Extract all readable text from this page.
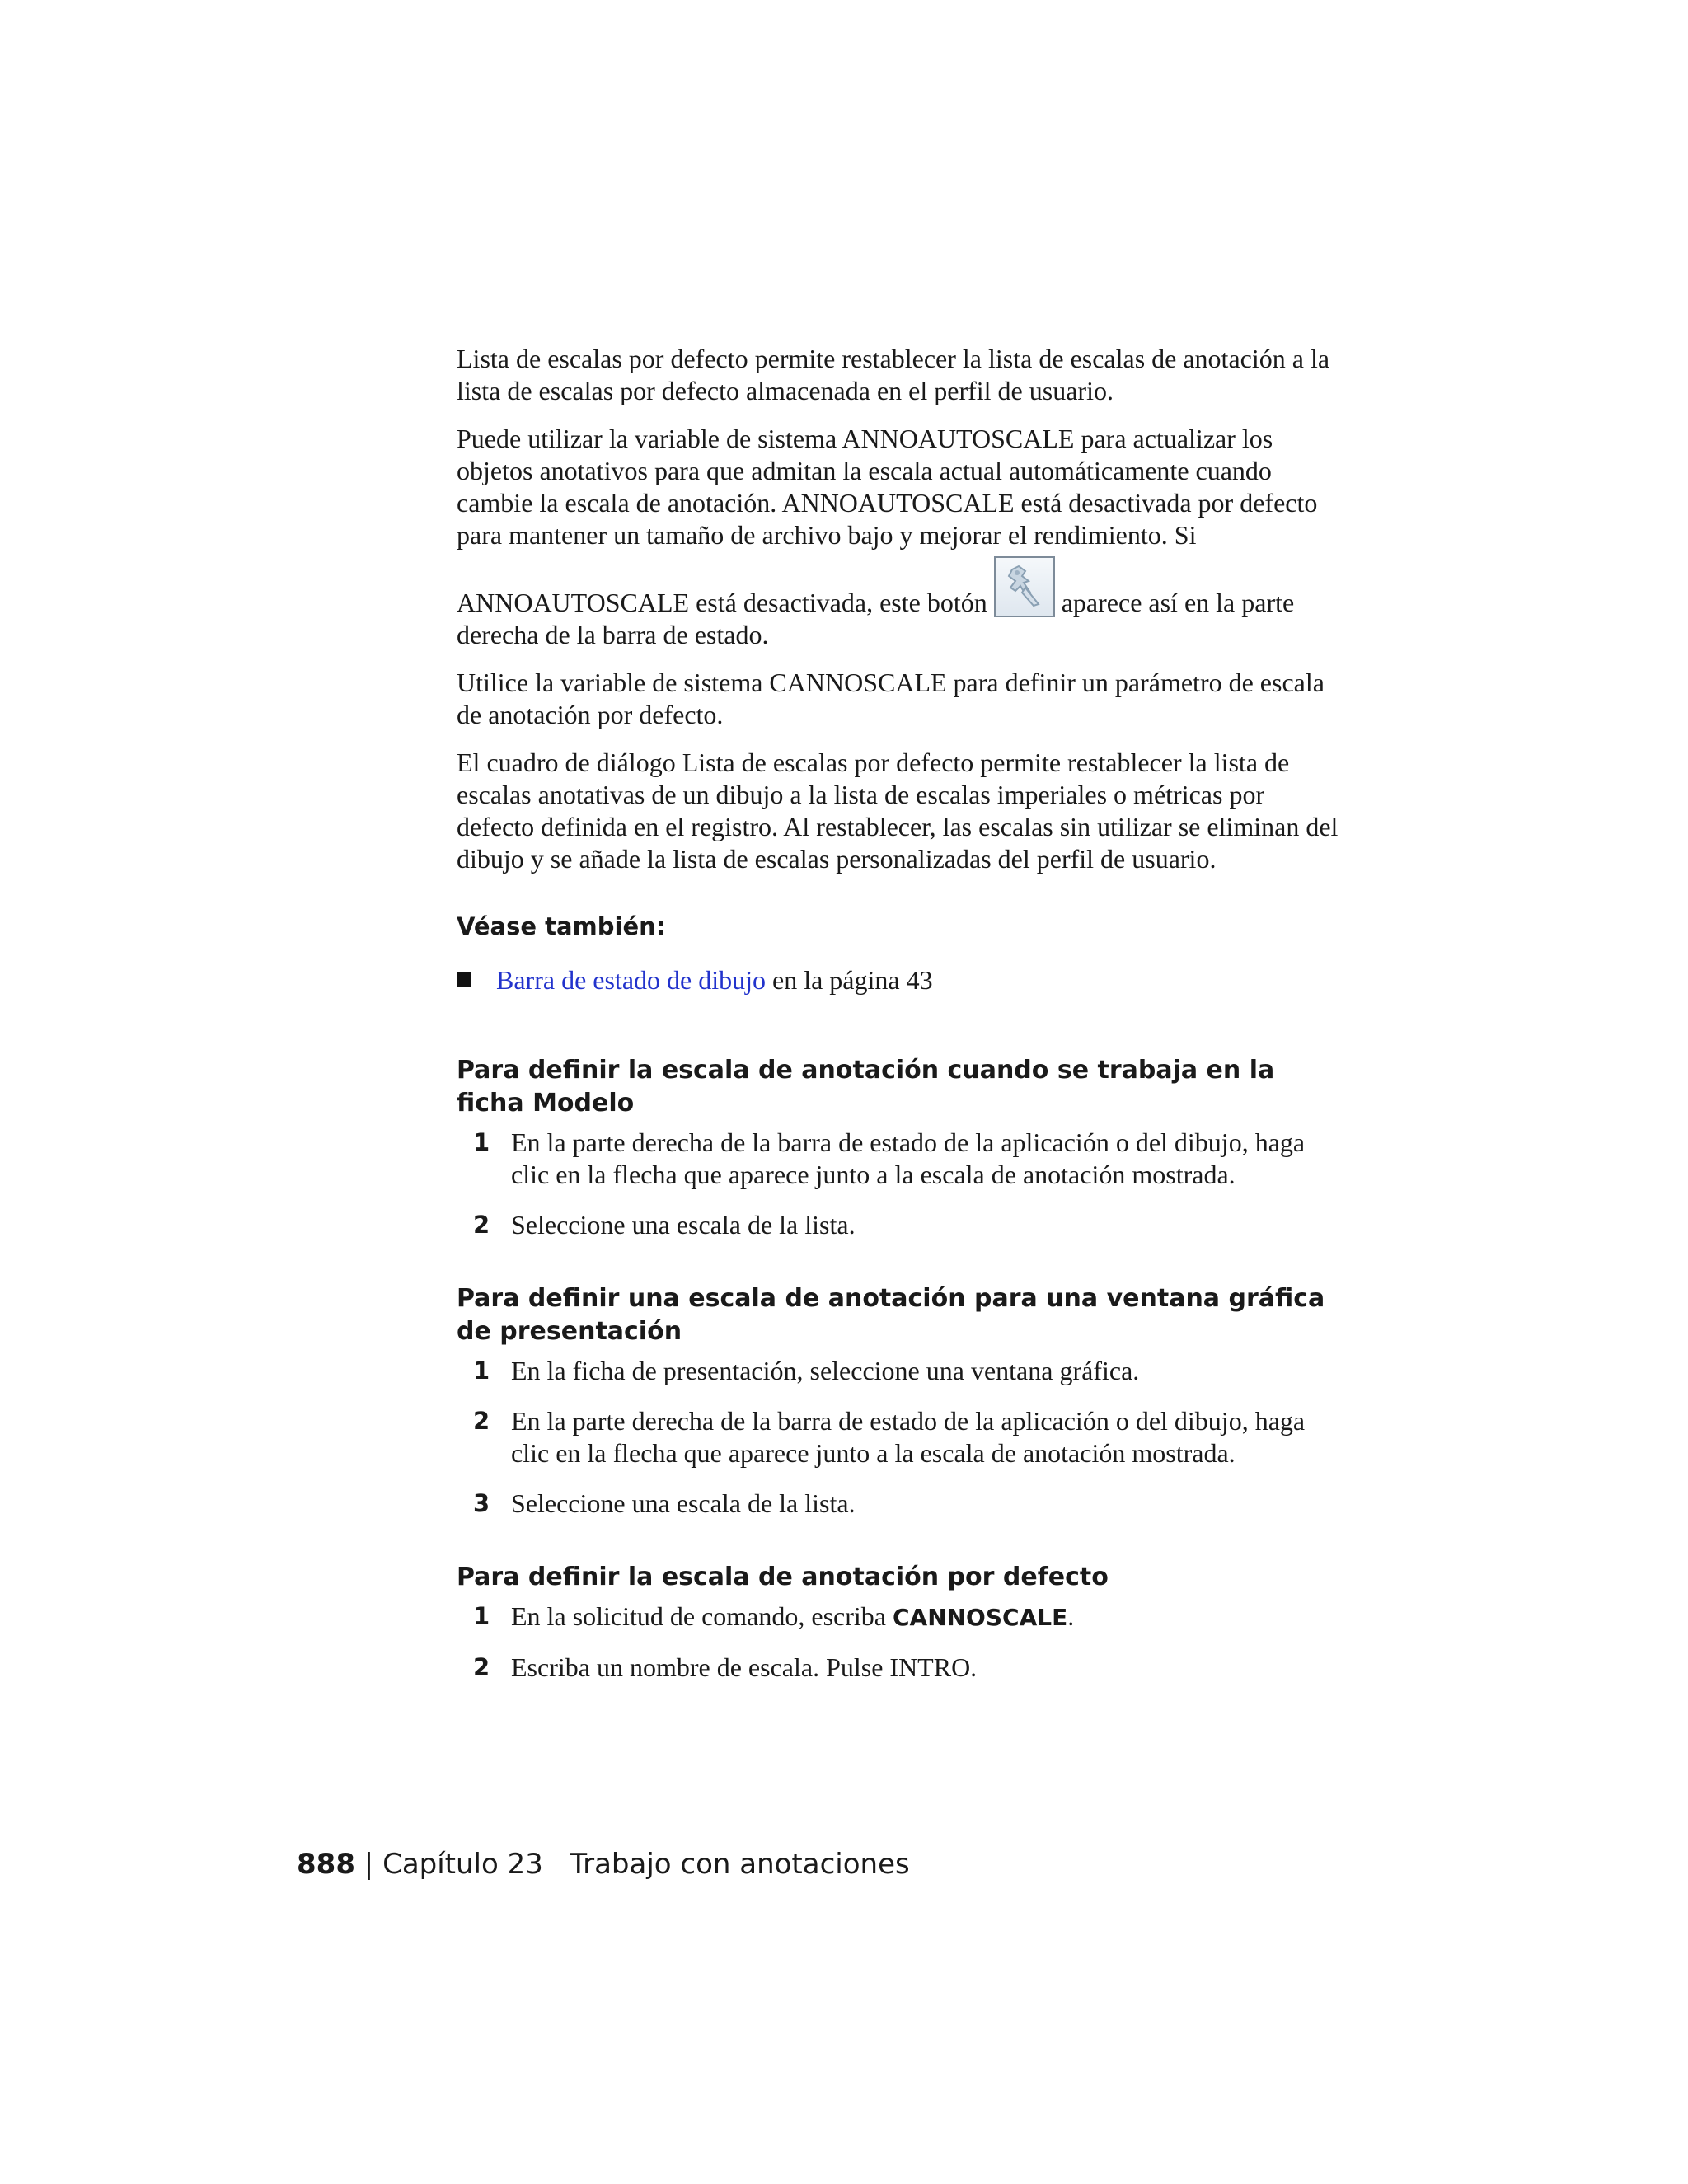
Lista de escalas por defecto permite restablecer la lista de escalas de anotación a la lista de escalas por defecto almacenada en el perfil de usuario.

Puede utilizar la variable de sistema ANNOAUTOSCALE para actualizar los objetos anotativos para que admitan la escala actual automáticamente cuando cambie la escala de anotación. ANNOAUTOSCALE está desactivada por defecto para mantener un tamaño de archivo bajo y mejorar el rendimiento. Si

ANNOAUTOSCALE está desactivada, este botón	aparece así en la parte derecha de la barra de estado.

Utilice la variable de sistema CANNOSCALE para definir un parámetro de escala de anotación por defecto.

El cuadro de diálogo Lista de escalas por defecto permite restablecer la lista de escalas anotativas de un dibujo a la lista de escalas imperiales o métricas por defecto definida en el registro. Al restablecer, las escalas sin utilizar se eliminan del dibujo y se añade la lista de escalas personalizadas del perfil de usuario.

Véase también:
Barra de estado de dibujo en la página 43
Para definir la escala de anotación cuando se trabaja en la ficha Modelo
1 En la parte derecha de la barra de estado de la aplicación o del dibujo, haga clic en la flecha que aparece junto a la escala de anotación mostrada.
2 Seleccione una escala de la lista.
Para definir una escala de anotación para una ventana gráfica de presentación
1 En la ficha de presentación, seleccione una ventana gráfica.
2 En la parte derecha de la barra de estado de la aplicación o del dibujo, haga clic en la flecha que aparece junto a la escala de anotación mostrada.
3 Seleccione una escala de la lista.
Para definir la escala de anotación por defecto
1 En la solicitud de comando, escriba CANNOSCALE.
2 Escriba un nombre de escala. Pulse INTRO.
888 | Capítulo 23 Trabajo con anotaciones
